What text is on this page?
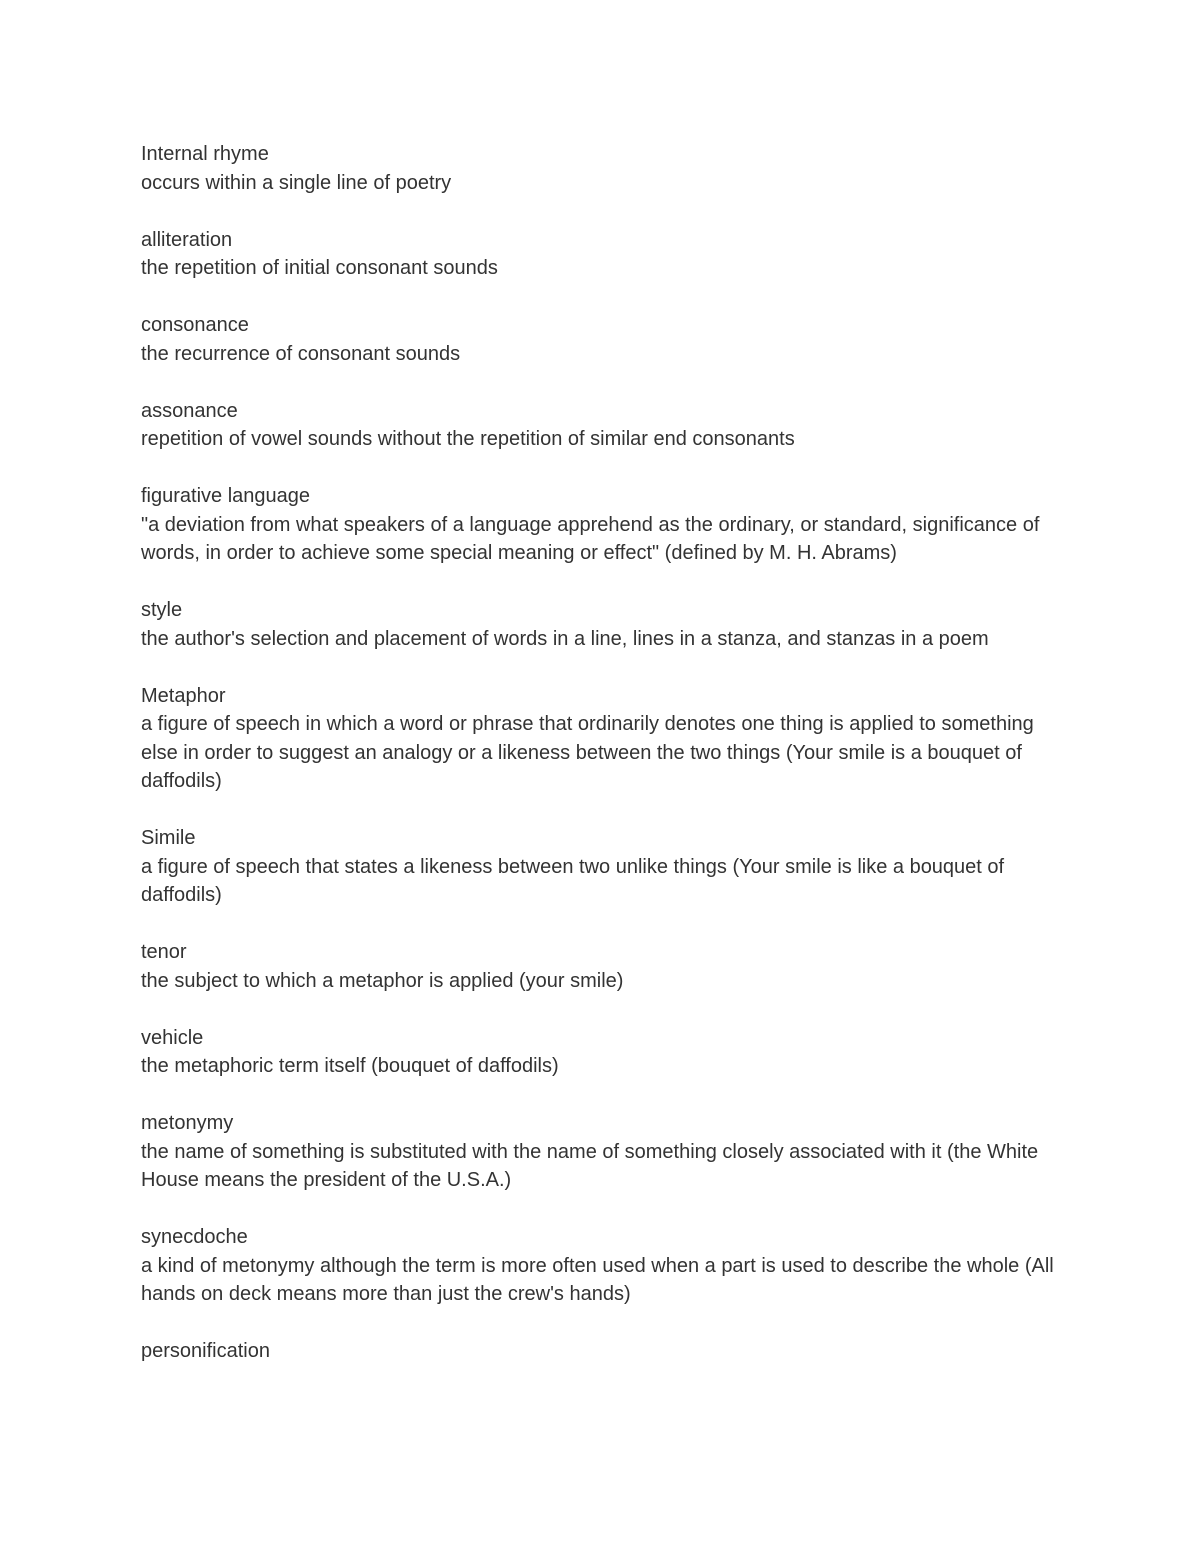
Internal rhyme
occurs within a single line of poetry
alliteration
the repetition of initial consonant sounds
consonance
the recurrence of consonant sounds
assonance
repetition of vowel sounds without the repetition of similar end consonants
figurative language
"a deviation from what speakers of a language apprehend as the ordinary, or standard, significance of words, in order to achieve some special meaning or effect" (defined by M. H. Abrams)
style
the author's selection and placement of words in a line, lines in a stanza, and stanzas in a poem
Metaphor
a figure of speech in which a word or phrase that ordinarily denotes one thing is applied to something else in order to suggest an analogy or a likeness between the two things (Your smile is a bouquet of daffodils)
Simile
a figure of speech that states a likeness between two unlike things (Your smile is like a bouquet of daffodils)
tenor
the subject to which a metaphor is applied (your smile)
vehicle
the metaphoric term itself (bouquet of daffodils)
metonymy
the name of something is substituted with the name of something closely associated with it (the White House means the president of the U.S.A.)
synecdoche
a kind of metonymy although the term is more often used when a part is used to describe the whole (All hands on deck means more than just the crew's hands)
personification
